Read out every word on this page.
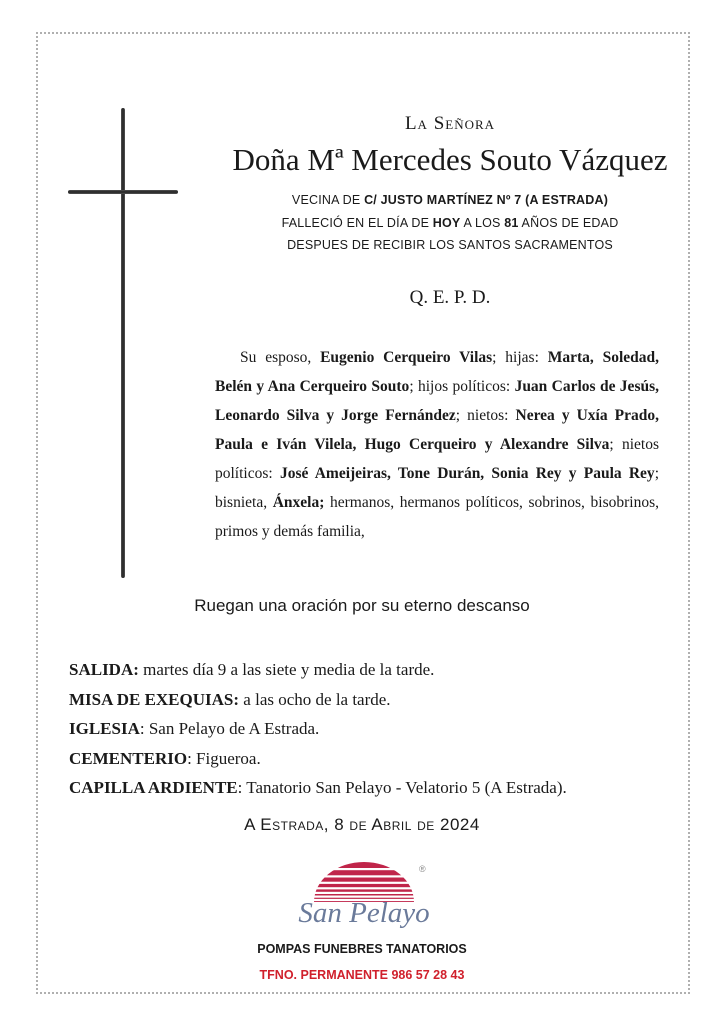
La Señora
Doña Mª Mercedes Souto Vázquez
VECINA DE C/ JUSTO MARTÍNEZ Nº 7 (A ESTRADA)
FALLECIÓ EN EL DÍA DE HOY A LOS 81 AÑOS DE EDAD
DESPUES DE RECIBIR LOS SANTOS SACRAMENTOS
Q. E. P. D.
Su esposo, Eugenio Cerqueiro Vilas; hijas: Marta, Soledad, Belén y Ana Cerqueiro Souto; hijos políticos: Juan Carlos de Jesús, Leonardo Silva y Jorge Fernández; nietos: Nerea y Uxía Prado, Paula e Iván Vilela, Hugo Cerqueiro y Alexandre Silva; nietos políticos: José Ameijeiras, Tone Durán, Sonia Rey y Paula Rey; bisnieta, Ánxela; hermanos, hermanos políticos, sobrinos, bisobrinos, primos y demás familia,
Ruegan una oración por su eterno descanso
SALIDA: martes día 9 a las siete y media de la tarde.
MISA DE EXEQUIAS: a las ocho de la tarde.
IGLESIA: San Pelayo de A Estrada.
CEMENTERIO: Figueroa.
CAPILLA ARDIENTE: Tanatorio San Pelayo - Velatorio 5 (A Estrada).
A Estrada, 8 de Abril de 2024
®
San Pelayo
POMPAS FUNEBRES TANATORIOS
TFNO. PERMANENTE 986 57 28 43
